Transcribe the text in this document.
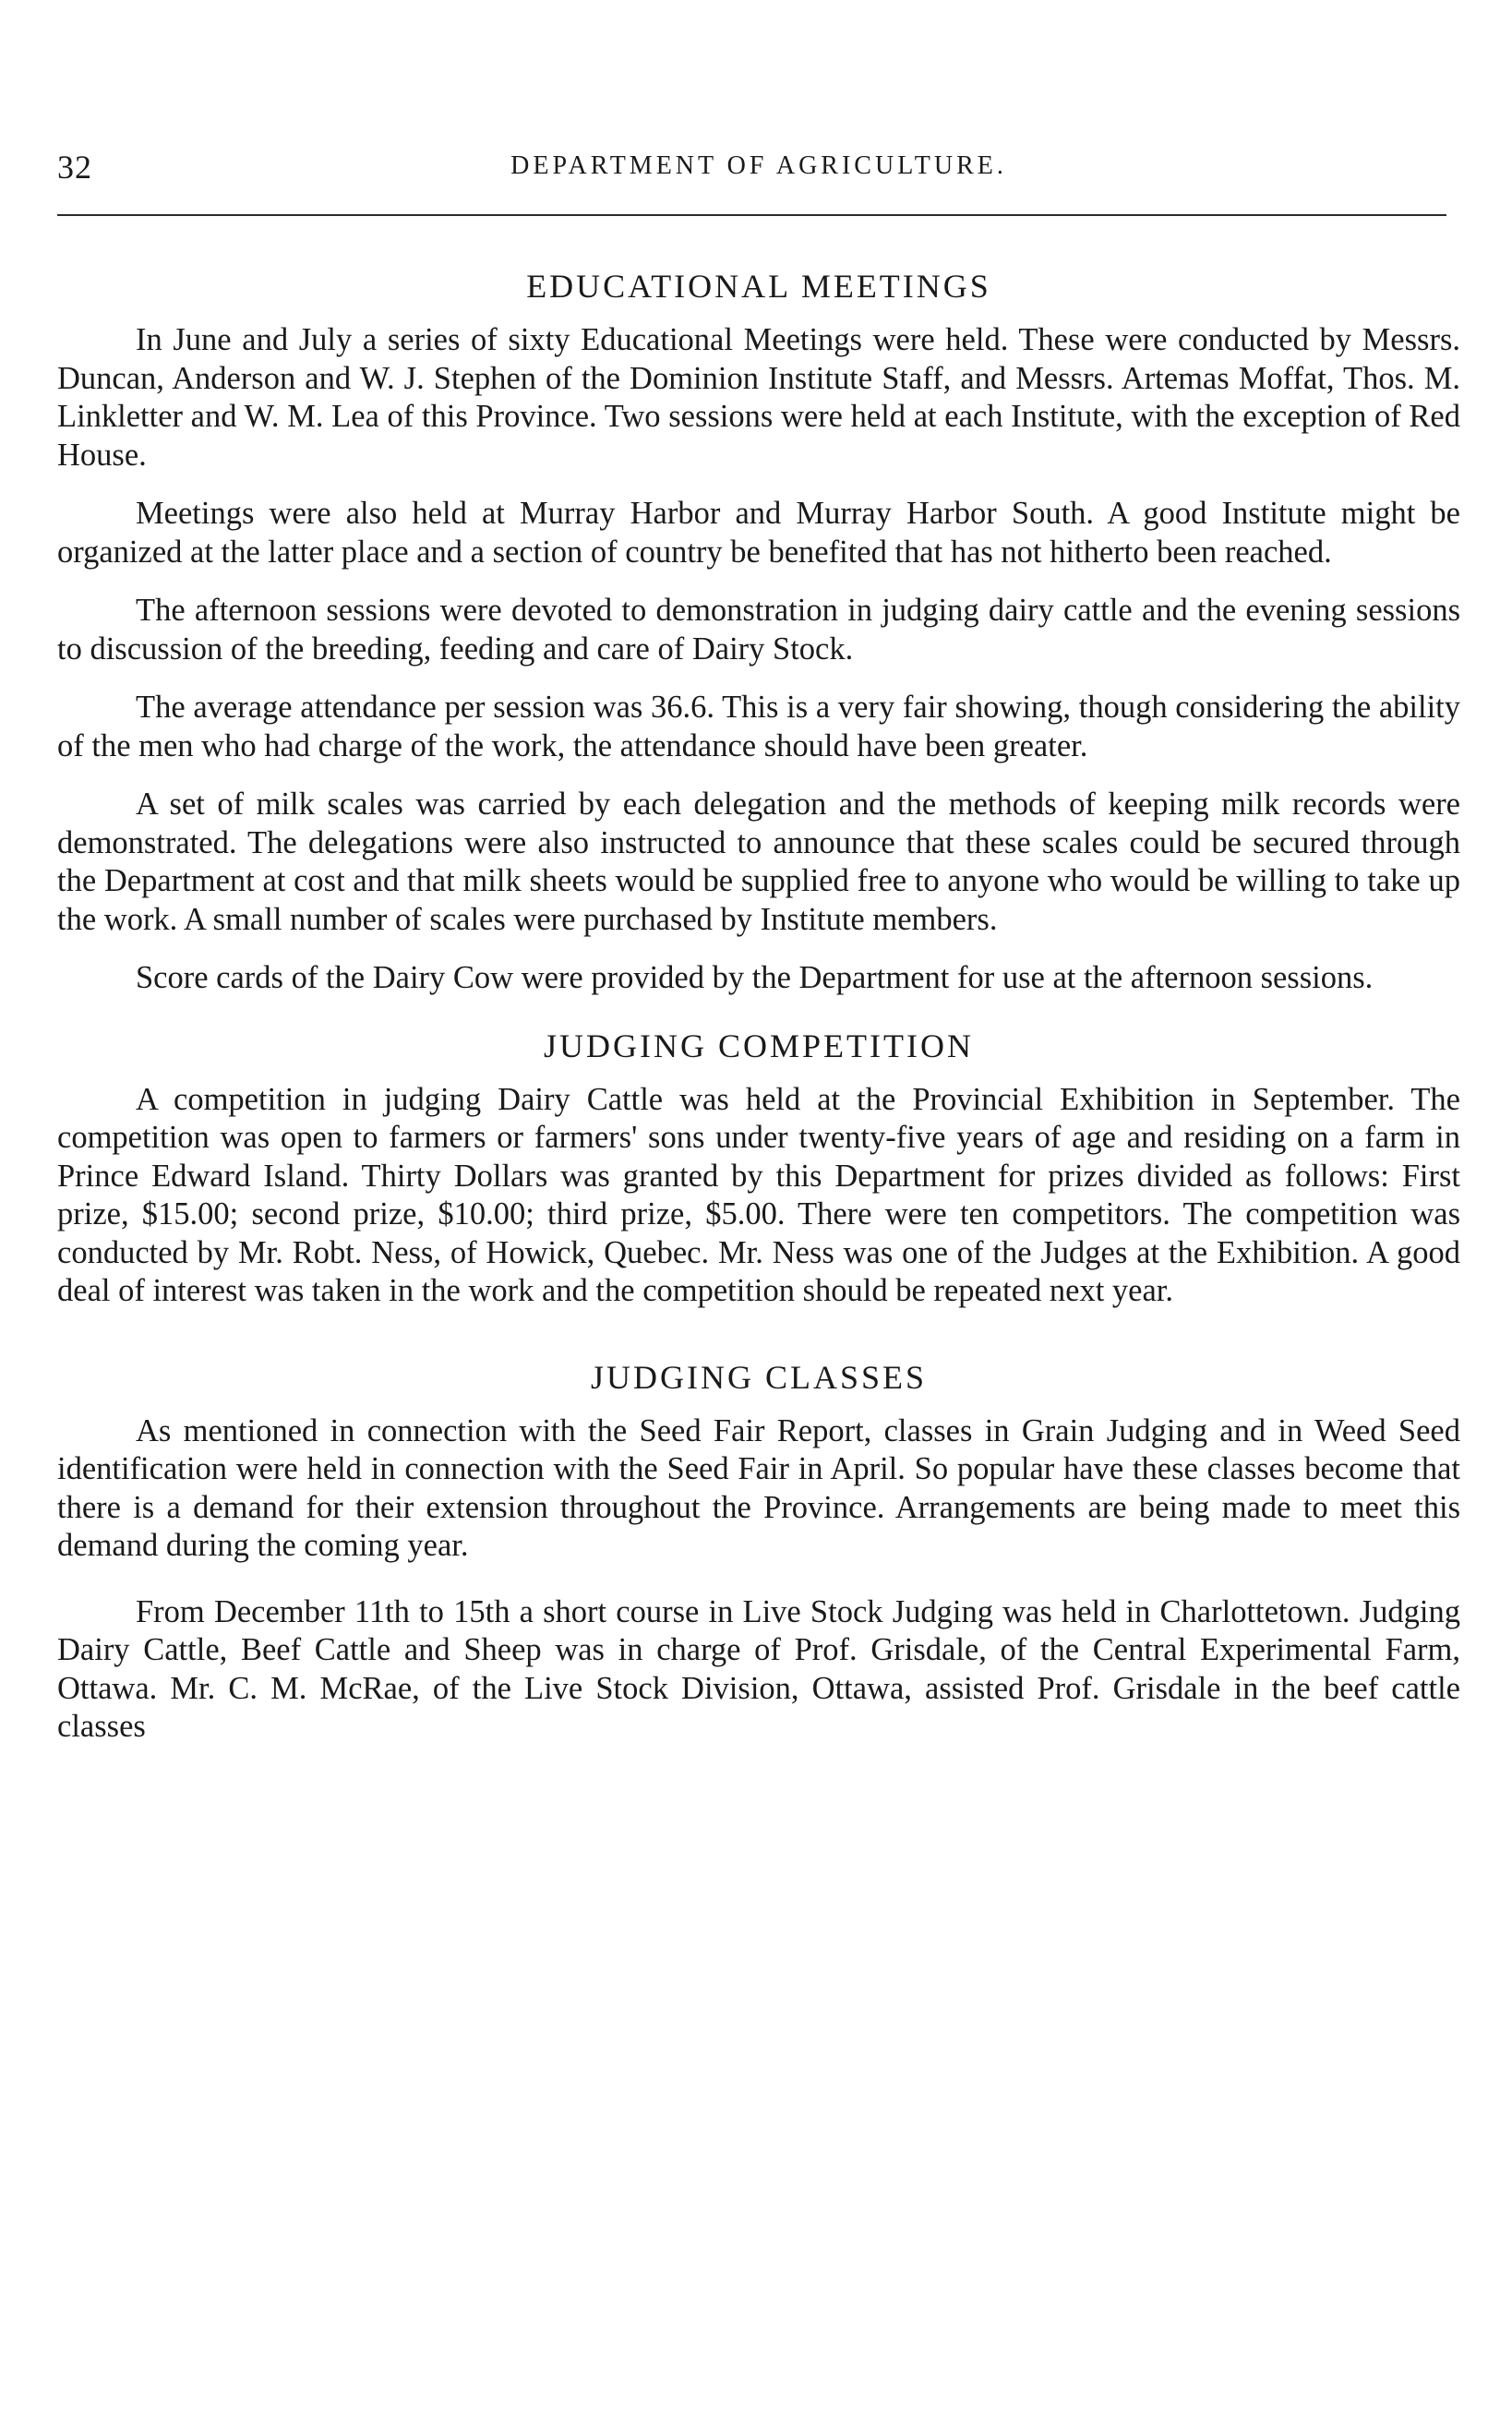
32	DEPARTMENT OF AGRICULTURE.
EDUCATIONAL MEETINGS

In June and July a series of sixty Educational Meetings were held. These were conducted by Messrs. Duncan, Anderson and W. J. Stephen of the Dominion Institute Staff, and Messrs. Artemas Moffat, Thos. M. Linkletter and W. M. Lea of this Province. Two sessions were held at each Institute, with the exception of Red House.

Meetings were also held at Murray Harbor and Murray Harbor South. A good Institute might be organized at the latter place and a section of country be benefited that has not hitherto been reached.

The afternoon sessions were devoted to demonstration in judging dairy cattle and the evening sessions to discussion of the breeding, feeding and care of Dairy Stock.

The average attendance per session was 36.6. This is a very fair showing, though considering the ability of the men who had charge of the work, the attendance should have been greater.

A set of milk scales was carried by each delegation and the methods of keeping milk records were demonstrated. The delegations were also instructed to announce that these scales could be secured through the Department at cost and that milk sheets would be supplied free to anyone who would be willing to take up the work. A small number of scales were purchased by Institute members.

Score cards of the Dairy Cow were provided by the Department for use at the afternoon sessions.

JUDGING COMPETITION

A competition in judging Dairy Cattle was held at the Provincial Exhibition in September. The competition was open to farmers or farmers' sons under twenty-five years of age and residing on a farm in Prince Edward Island. Thirty Dollars was granted by this Department for prizes divided as follows: First prize, $15.00; second prize, $10.00; third prize, $5.00. There were ten competitors. The competition was conducted by Mr. Robt. Ness, of Howick, Quebec. Mr. Ness was one of the Judges at the Exhibition. A good deal of interest was taken in the work and the competition should be repeated next year.

JUDGING CLASSES

As mentioned in connection with the Seed Fair Report, classes in Grain Judging and in Weed Seed identification were held in connection with the Seed Fair in April. So popular have these classes become that there is a demand for their extension throughout the Province. Arrangements are being made to meet this demand during the coming year.

From December 11th to 15th a short course in Live Stock Judging was held in Charlottetown. Judging Dairy Cattle, Beef Cattle and Sheep was in charge of Prof. Grisdale, of the Central Experimental Farm, Ottawa. Mr. C. M. McRae, of the Live Stock Division, Ottawa, assisted Prof. Grisdale in the beef cattle classes
